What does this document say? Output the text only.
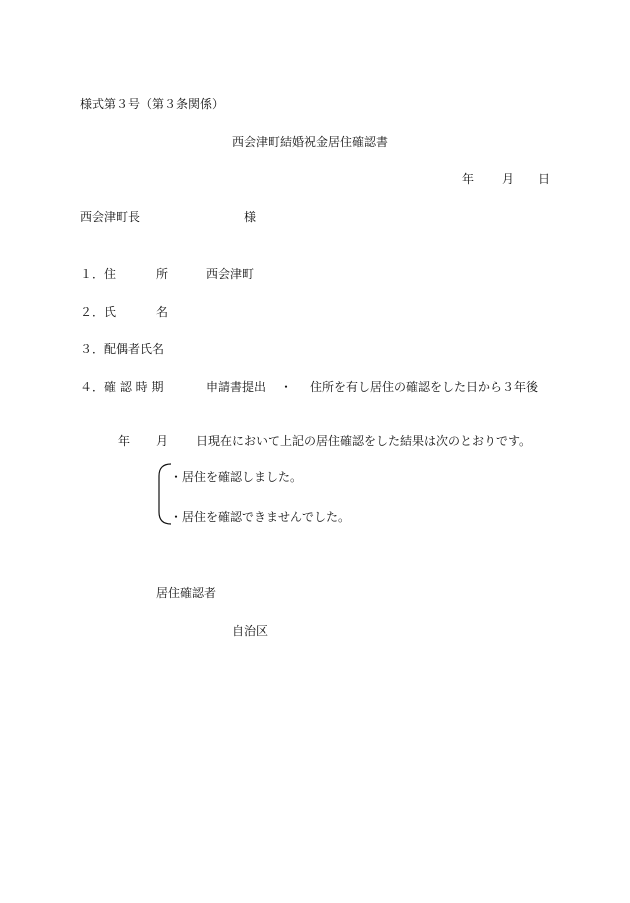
様式第３号（第３条関係）
西会津町結婚祝金居住確認書
年 月 日
西会津町長	様
１． 住	所	西会津町
２． 氏	名
３． 配偶者氏名
４． 確 認 時 期	申請書提出 ・ 住所を有し居住の確認をした日から３年後
年 月 日現在において上記の居住確認をした結果は次のとおりです。
・居住を確認しました。
・居住を確認できませんでした。
居住確認者
自治区
